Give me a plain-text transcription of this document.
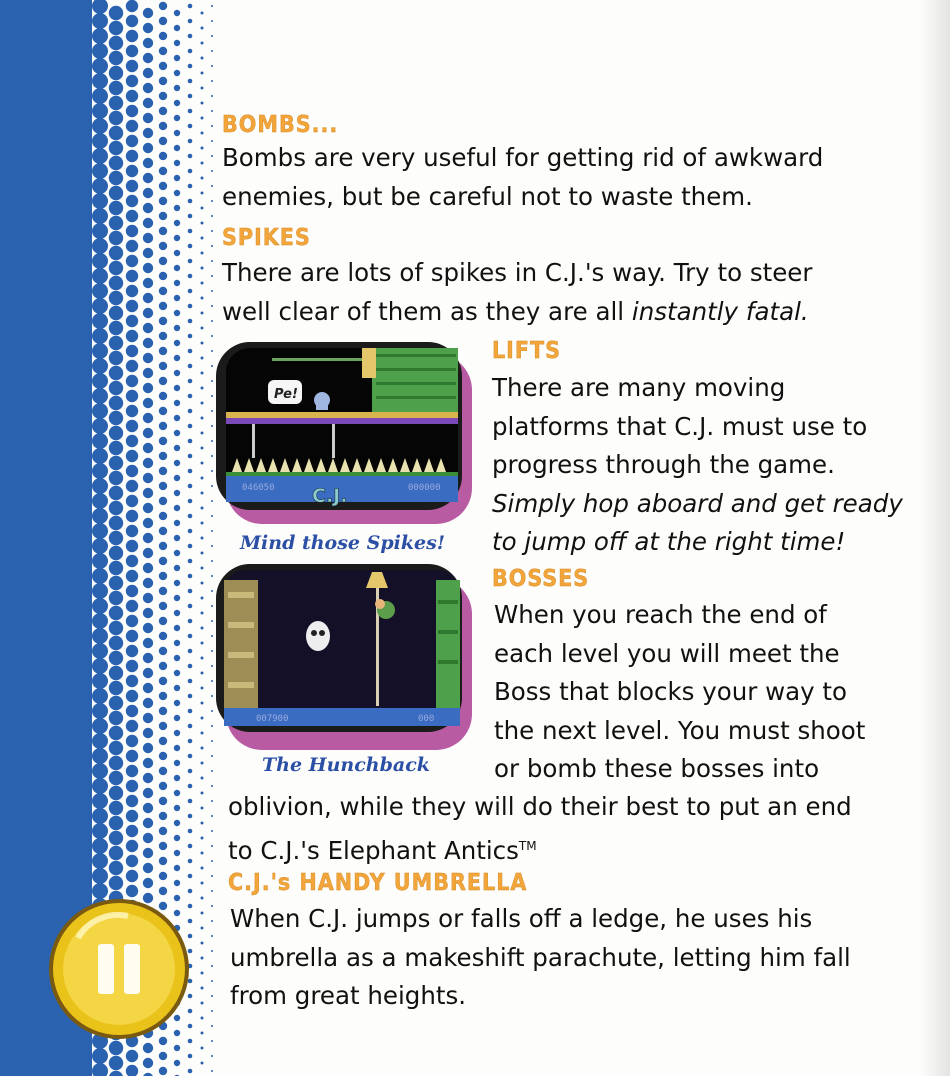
BOMBS...

Bombs are very useful for getting rid of awkward
enemies, but be careful not to waste them.

SPIKES

There are lots of spikes in C.J.'s way. Try to steer
well clear of them as they are all instantly fatal.

Pe!
046050	000000
C.J.

Mind those Spikes!

007900	000

The Hunchback

LIFTS

There are many moving
platforms that C.J. must use to
progress through the game.
Simply hop aboard and get ready
to jump off at the right time!

BOSSES

When you reach the end of
each level you will meet the
Boss that blocks your way to
the next level. You must shoot
or bomb these bosses into

oblivion, while they will do their best to put an end
to C.J.'s Elephant Antics™

C.J.'s HANDY UMBRELLA

When C.J. jumps or falls off a ledge, he uses his
umbrella as a makeshift parachute, letting him fall
from great heights.
